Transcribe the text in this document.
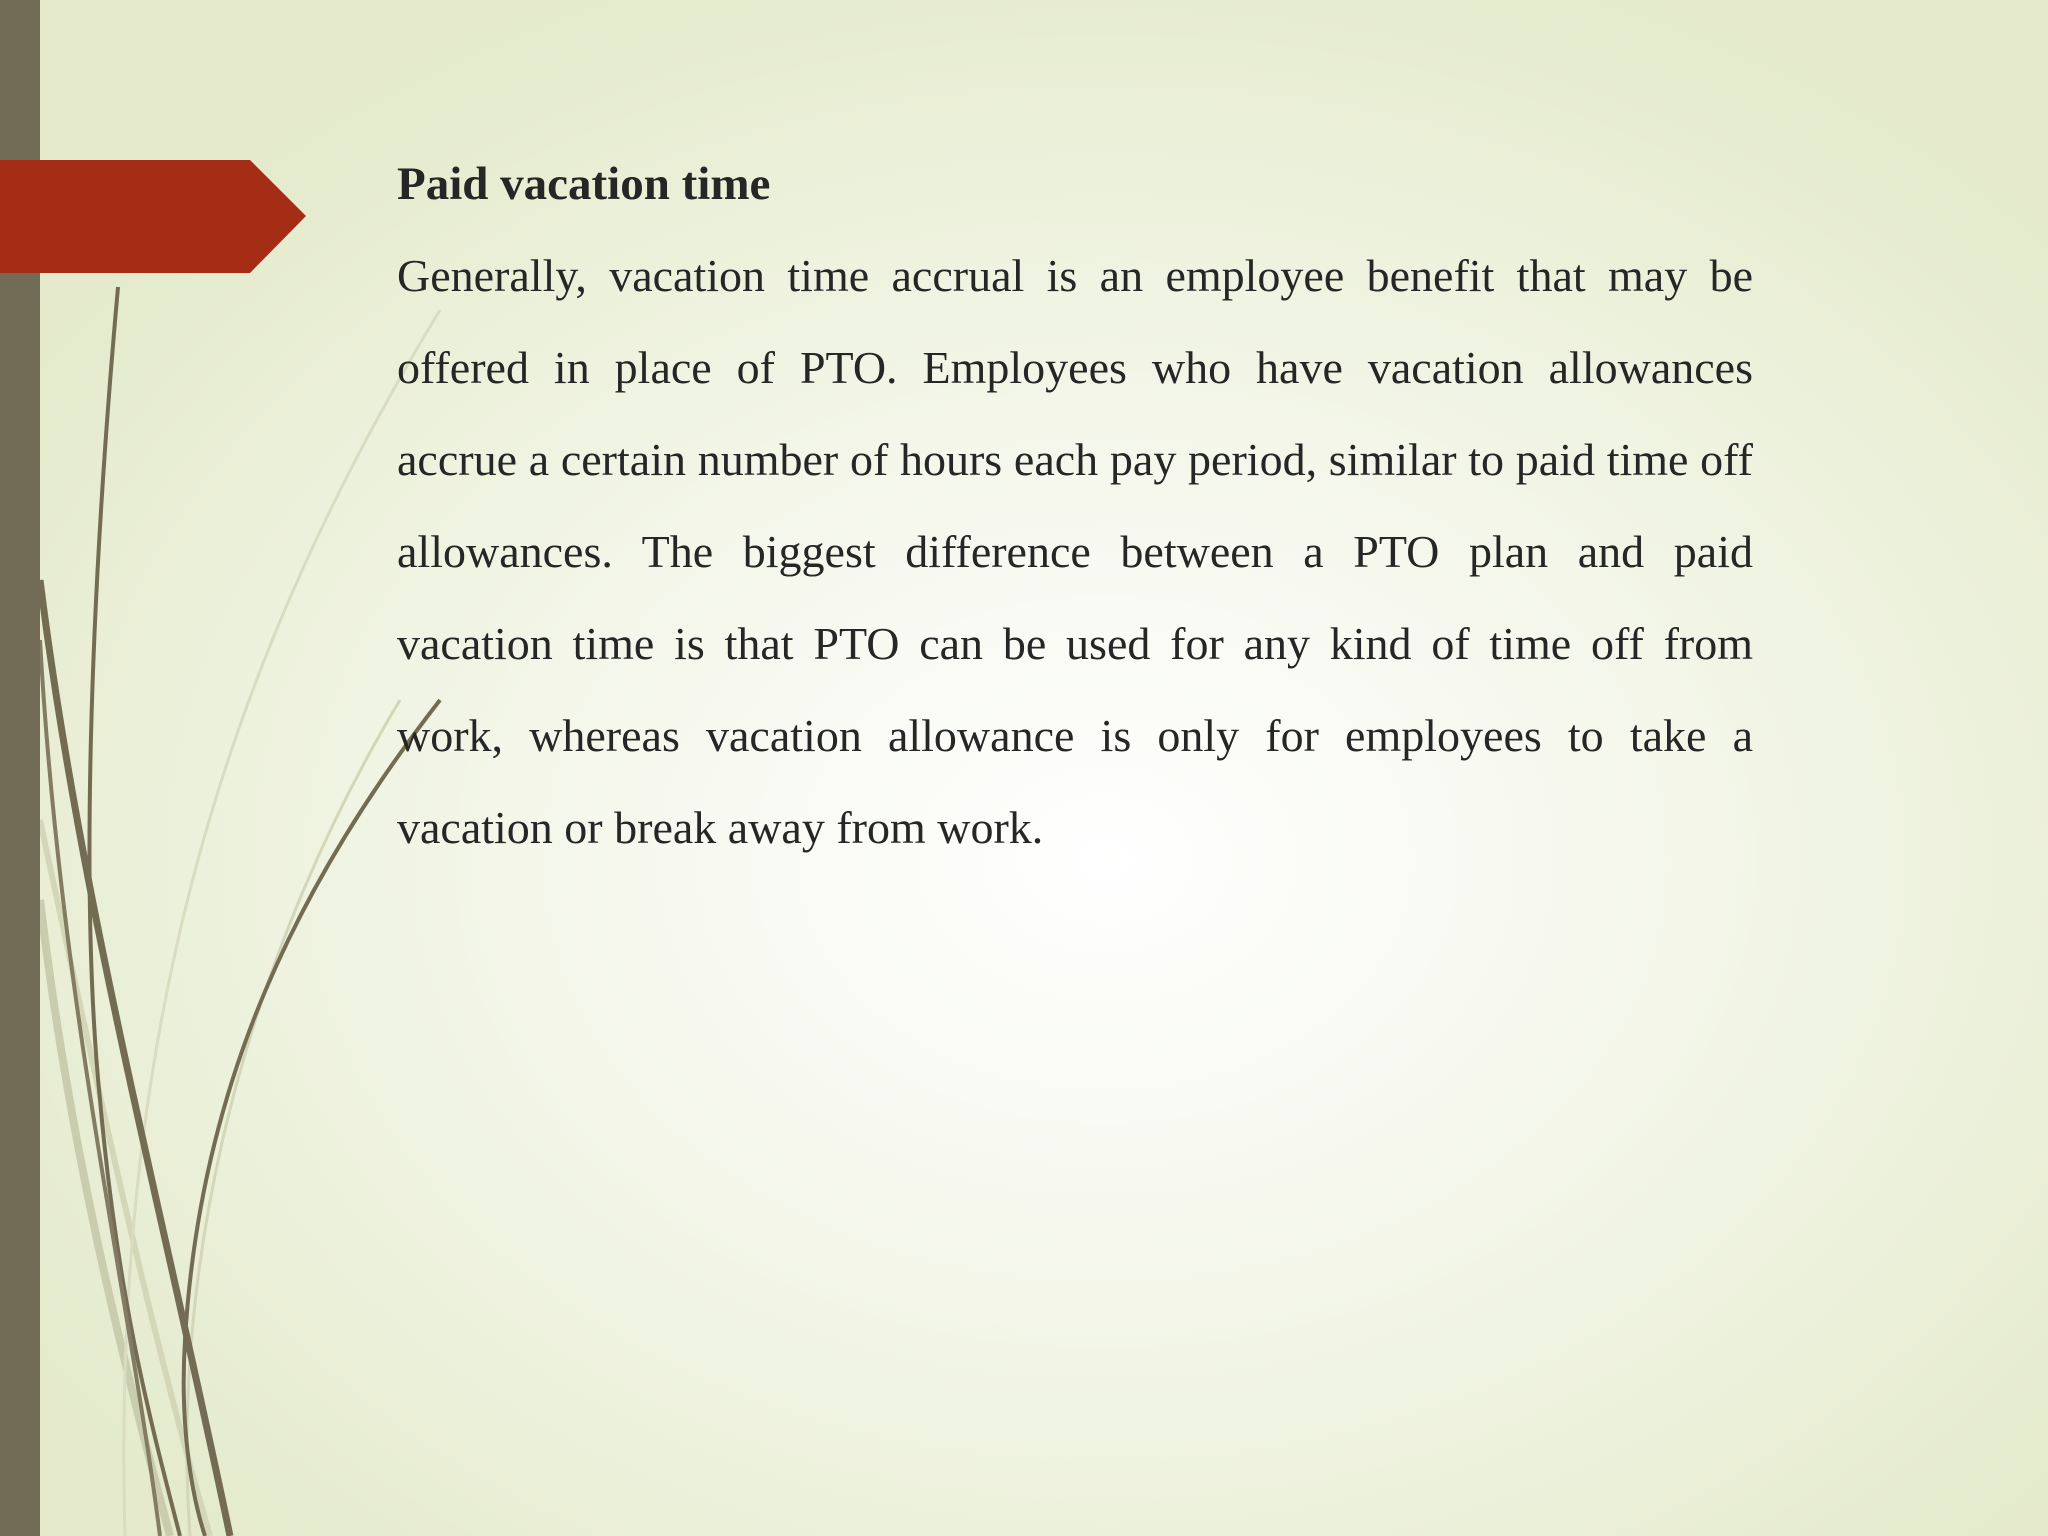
Paid vacation time

Generally, vacation time accrual is an employee benefit that may be offered in place of PTO. Employees who have vacation allowances accrue a certain number of hours each pay period, similar to paid time off allowances. The biggest difference between a PTO plan and paid vacation time is that PTO can be used for any kind of time off from work, whereas vacation allowance is only for employees to take a vacation or break away from work.
